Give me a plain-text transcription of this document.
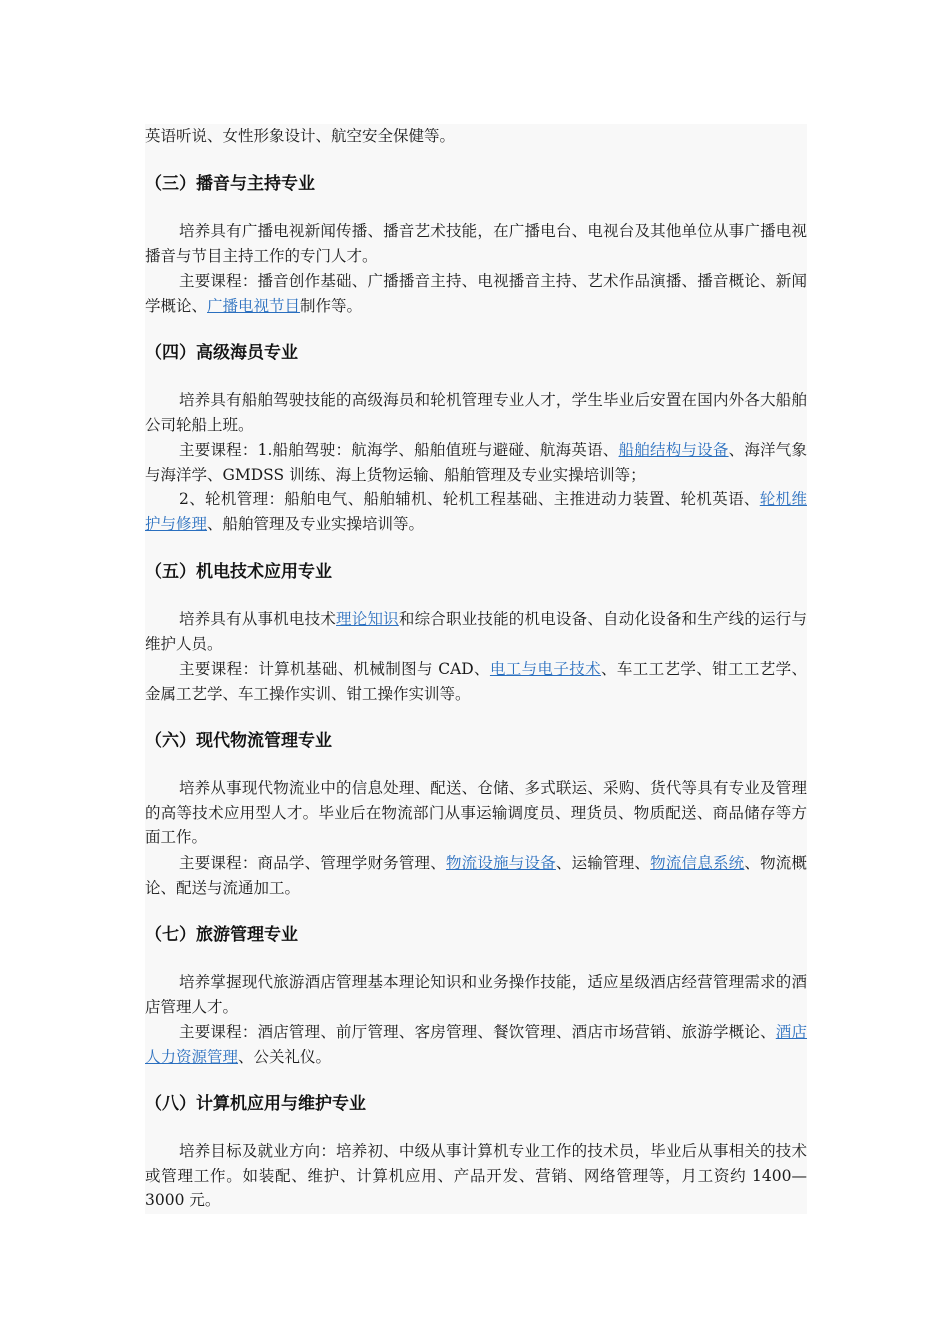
英语听说、女性形象设计、航空安全保健等。

（三）播音与主持专业

培养具有广播电视新闻传播、播音艺术技能，在广播电台、电视台及其他单位从事广播电视播音与节目主持工作的专门人才。

主要课程：播音创作基础、广播播音主持、电视播音主持、艺术作品演播、播音概论、新闻学概论、广播电视节目制作等。

（四）高级海员专业

培养具有船舶驾驶技能的高级海员和轮机管理专业人才，学生毕业后安置在国内外各大船舶公司轮船上班。

主要课程：1.船舶驾驶：航海学、船舶值班与避碰、航海英语、船舶结构与设备、海洋气象与海洋学、GMDSS 训练、海上货物运输、船舶管理及专业实操培训等；

2、轮机管理：船舶电气、船舶辅机、轮机工程基础、主推进动力装置、轮机英语、轮机维护与修理、船舶管理及专业实操培训等。

（五）机电技术应用专业

培养具有从事机电技术理论知识和综合职业技能的机电设备、自动化设备和生产线的运行与维护人员。

主要课程：计算机基础、机械制图与 CAD、电工与电子技术、车工工艺学、钳工工艺学、金属工艺学、车工操作实训、钳工操作实训等。

（六）现代物流管理专业

培养从事现代物流业中的信息处理、配送、仓储、多式联运、采购、货代等具有专业及管理的高等技术应用型人才。毕业后在物流部门从事运输调度员、理货员、物质配送、商品储存等方面工作。

主要课程：商品学、管理学财务管理、物流设施与设备、运输管理、物流信息系统、物流概论、配送与流通加工。

（七）旅游管理专业

培养掌握现代旅游酒店管理基本理论知识和业务操作技能，适应星级酒店经营管理需求的酒店管理人才。

主要课程：酒店管理、前厅管理、客房管理、餐饮管理、酒店市场营销、旅游学概论、酒店人力资源管理、公关礼仪。

（八）计算机应用与维护专业

培养目标及就业方向：培养初、中级从事计算机专业工作的技术员，毕业后从事相关的技术或管理工作。如装配、维护、计算机应用、产品开发、营销、网络管理等，月工资约 1400—3000 元。
